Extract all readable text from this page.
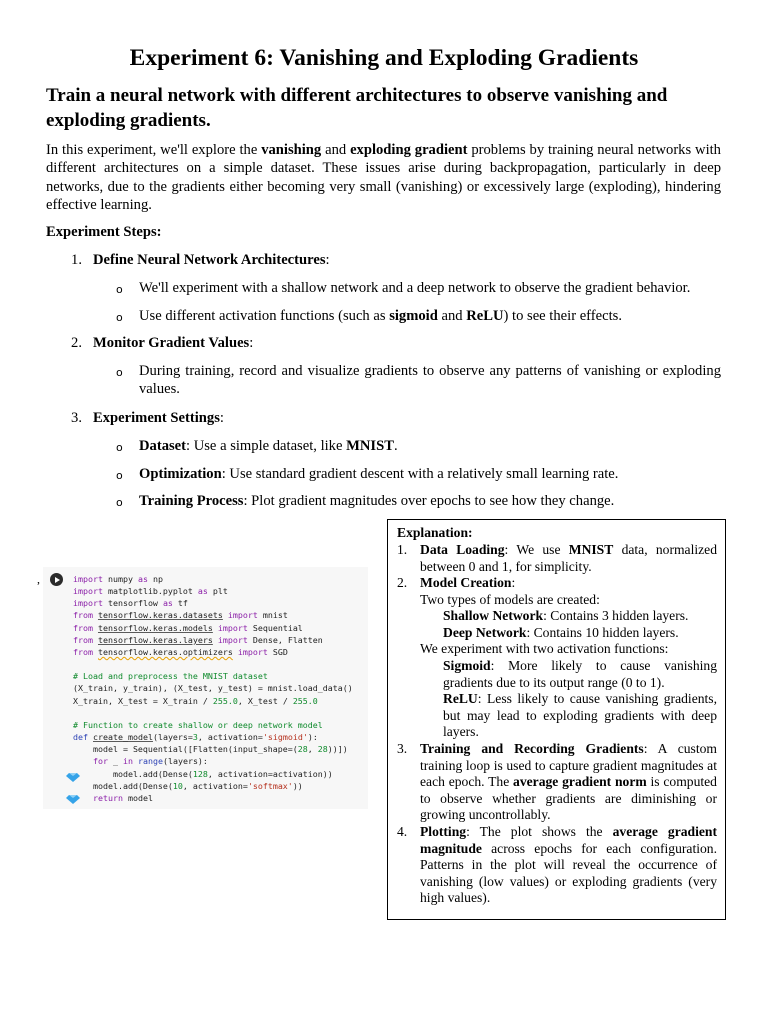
Experiment 6: Vanishing and Exploding Gradients
Train a neural network with different architectures to observe vanishing and exploding gradients.
In this experiment, we'll explore the vanishing and exploding gradient problems by training neural networks with different architectures on a simple dataset. These issues arise during backpropagation, particularly in deep networks, due to the gradients either becoming very small (vanishing) or excessively large (exploding), hindering effective learning.
Experiment Steps:
1. Define Neural Network Architectures:
o We'll experiment with a shallow network and a deep network to observe the gradient behavior.
o Use different activation functions (such as sigmoid and ReLU) to see their effects.
2. Monitor Gradient Values:
o During training, record and visualize gradients to observe any patterns of vanishing or exploding values.
3. Experiment Settings:
o Dataset: Use a simple dataset, like MNIST.
o Optimization: Use standard gradient descent with a relatively small learning rate.
o Training Process: Plot gradient magnitudes over epochs to see how they change.
,	import numpy as np
import matplotlib.pyplot as plt
import tensorflow as tf
from tensorflow.keras.datasets import mnist
from tensorflow.keras.models import Sequential
from tensorflow.keras.layers import Dense, Flatten
from tensorflow.keras.optimizers import SGD

# Load and preprocess the MNIST dataset
(X_train, y_train), (X_test, y_test) = mnist.load_data()
X_train, X_test = X_train / 255.0, X_test / 255.0

# Function to create shallow or deep network model
def create_model(layers=3, activation='sigmoid'):
model = Sequential([Flatten(input_shape=(28, 28))])
for _ in range(layers):
model.add(Dense(128, activation=activation))
model.add(Dense(10, activation='softmax'))
return model
Explanation:
1. Data Loading: We use MNIST data, normalized between 0 and 1, for simplicity.
2. Model Creation:
Two types of models are created:
Shallow Network: Contains 3 hidden layers.
Deep Network: Contains 10 hidden layers.
We experiment with two activation functions:
Sigmoid: More likely to cause vanishing gradients due to its output range (0 to 1).
ReLU: Less likely to cause vanishing gradients, but may lead to exploding gradients with deep layers.
3. Training and Recording Gradients: A custom training loop is used to capture gradient magnitudes at each epoch. The average gradient norm is computed to observe whether gradients are diminishing or growing uncontrollably.
4. Plotting: The plot shows the average gradient magnitude across epochs for each configuration. Patterns in the plot will reveal the occurrence of vanishing (low values) or exploding gradients (very high values).
